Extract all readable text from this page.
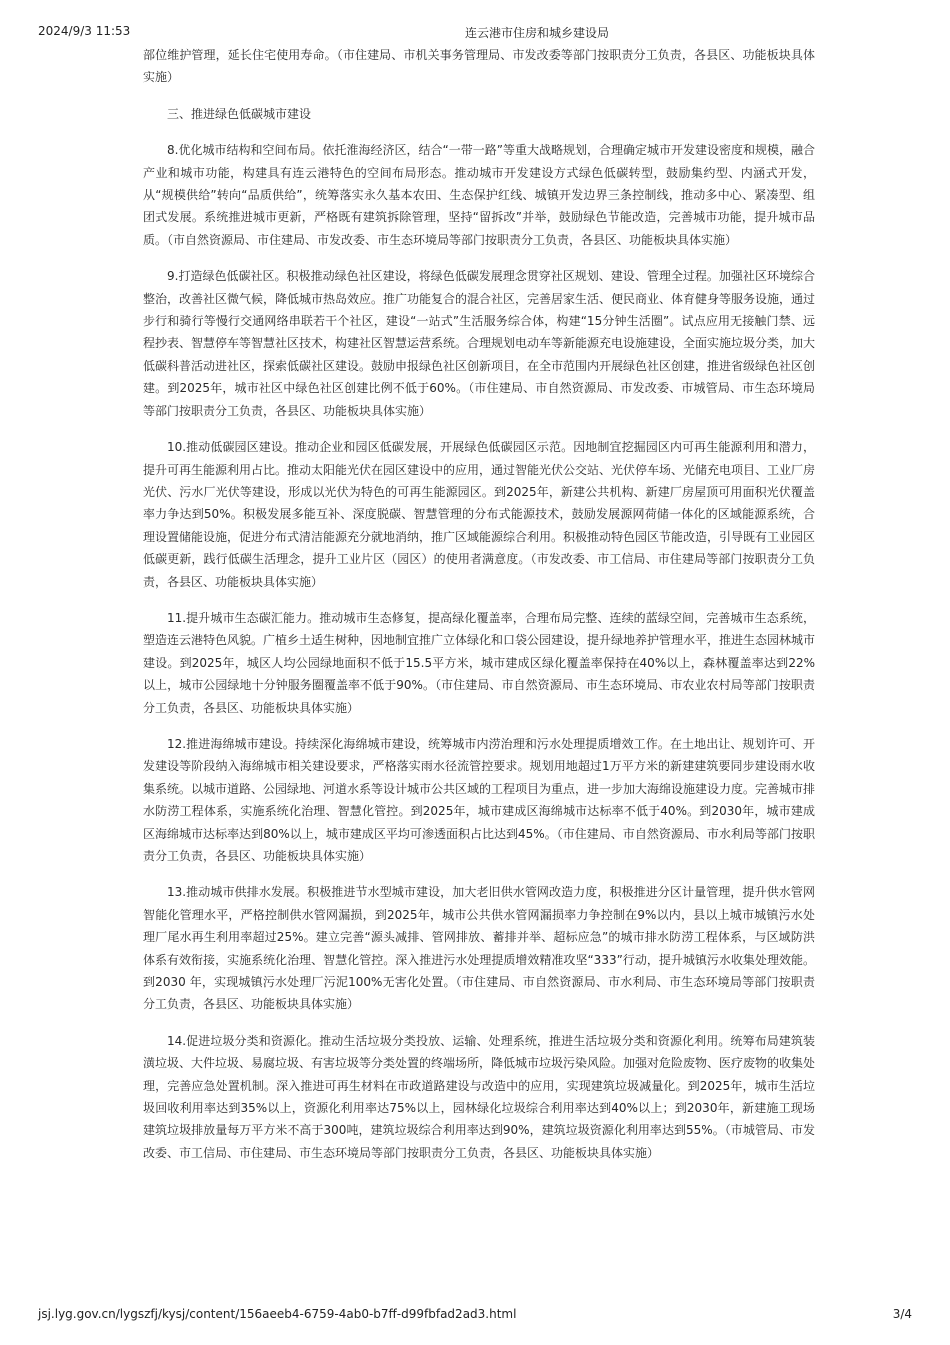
2024/9/3 11:53	连云港市住房和城乡建设局

部位维护管理，延长住宅使用寿命。（市住建局、市机关事务管理局、市发改委等部门按职责分工负责，各县区、功能板块具体实施）

三、推进绿色低碳城市建设

8.优化城市结构和空间布局。依托淮海经济区，结合“一带一路”等重大战略规划，合理确定城市开发建设密度和规模，融合产业和城市功能，构建具有连云港特色的空间布局形态。推动城市开发建设方式绿色低碳转型，鼓励集约型、内涵式开发，从“规模供给”转向“品质供给”，统筹落实永久基本农田、生态保护红线、城镇开发边界三条控制线，推动多中心、紧凑型、组团式发展。系统推进城市更新，严格既有建筑拆除管理，坚持“留拆改”并举，鼓励绿色节能改造，完善城市功能，提升城市品质。（市自然资源局、市住建局、市发改委、市生态环境局等部门按职责分工负责，各县区、功能板块具体实施）

9.打造绿色低碳社区。积极推动绿色社区建设，将绿色低碳发展理念贯穿社区规划、建设、管理全过程。加强社区环境综合整治，改善社区微气候，降低城市热岛效应。推广功能复合的混合社区，完善居家生活、便民商业、体育健身等服务设施，通过步行和骑行等慢行交通网络串联若干个社区，建设“一站式”生活服务综合体，构建“15分钟生活圈”。试点应用无接触门禁、远程抄表、智慧停车等智慧社区技术，构建社区智慧运营系统。合理规划电动车等新能源充电设施建设，全面实施垃圾分类，加大低碳科普活动进社区，探索低碳社区建设。鼓励申报绿色社区创新项目，在全市范围内开展绿色社区创建，推进省级绿色社区创建。到2025年，城市社区中绿色社区创建比例不低于60%。（市住建局、市自然资源局、市发改委、市城管局、市生态环境局等部门按职责分工负责，各县区、功能板块具体实施）

10.推动低碳园区建设。推动企业和园区低碳发展，开展绿色低碳园区示范。因地制宜挖掘园区内可再生能源利用和潜力，提升可再生能源利用占比。推动太阳能光伏在园区建设中的应用，通过智能光伏公交站、光伏停车场、光储充电项目、工业厂房光伏、污水厂光伏等建设，形成以光伏为特色的可再生能源园区。到2025年，新建公共机构、新建厂房屋顶可用面积光伏覆盖率力争达到50%。积极发展多能互补、深度脱碳、智慧管理的分布式能源技术，鼓励发展源网荷储一体化的区域能源系统，合理设置储能设施，促进分布式清洁能源充分就地消纳，推广区域能源综合利用。积极推动特色园区节能改造，引导既有工业园区低碳更新，践行低碳生活理念，提升工业片区（园区）的使用者满意度。（市发改委、市工信局、市住建局等部门按职责分工负责，各县区、功能板块具体实施）

11.提升城市生态碳汇能力。推动城市生态修复，提高绿化覆盖率，合理布局完整、连续的蓝绿空间，完善城市生态系统，塑造连云港特色风貌。广植乡土适生树种，因地制宜推广立体绿化和口袋公园建设，提升绿地养护管理水平，推进生态园林城市建设。到2025年，城区人均公园绿地面积不低于15.5平方米，城市建成区绿化覆盖率保持在40%以上，森林覆盖率达到22%以上，城市公园绿地十分钟服务圈覆盖率不低于90%。（市住建局、市自然资源局、市生态环境局、市农业农村局等部门按职责分工负责，各县区、功能板块具体实施）

12.推进海绵城市建设。持续深化海绵城市建设，统筹城市内涝治理和污水处理提质增效工作。在土地出让、规划许可、开发建设等阶段纳入海绵城市相关建设要求，严格落实雨水径流管控要求。规划用地超过1万平方米的新建建筑要同步建设雨水收集系统。以城市道路、公园绿地、河道水系等设计城市公共区域的工程项目为重点，进一步加大海绵设施建设力度。完善城市排水防涝工程体系，实施系统化治理、智慧化管控。到2025年，城市建成区海绵城市达标率不低于40%。到2030年，城市建成区海绵城市达标率达到80%以上，城市建成区平均可渗透面积占比达到45%。（市住建局、市自然资源局、市水利局等部门按职责分工负责，各县区、功能板块具体实施）

13.推动城市供排水发展。积极推进节水型城市建设，加大老旧供水管网改造力度，积极推进分区计量管理，提升供水管网智能化管理水平，严格控制供水管网漏损，到2025年，城市公共供水管网漏损率力争控制在9%以内，县以上城市城镇污水处理厂尾水再生利用率超过25%。建立完善“源头减排、管网排放、蓄排并举、超标应急”的城市排水防涝工程体系，与区域防洪体系有效衔接，实施系统化治理、智慧化管控。深入推进污水处理提质增效精准攻坚“333”行动，提升城镇污水收集处理效能。到2030 年，实现城镇污水处理厂污泥100%无害化处置。（市住建局、市自然资源局、市水利局、市生态环境局等部门按职责分工负责，各县区、功能板块具体实施）

14.促进垃圾分类和资源化。推动生活垃圾分类投放、运输、处理系统，推进生活垃圾分类和资源化利用。统筹布局建筑装潢垃圾、大件垃圾、易腐垃圾、有害垃圾等分类处置的终端场所，降低城市垃圾污染风险。加强对危险废物、医疗废物的收集处理，完善应急处置机制。深入推进可再生材料在市政道路建设与改造中的应用，实现建筑垃圾减量化。到2025年，城市生活垃圾回收利用率达到35%以上，资源化利用率达75%以上，园林绿化垃圾综合利用率达到40%以上；到2030年，新建施工现场建筑垃圾排放量每万平方米不高于300吨，建筑垃圾综合利用率达到90%，建筑垃圾资源化利用率达到55%。（市城管局、市发改委、市工信局、市住建局、市生态环境局等部门按职责分工负责，各县区、功能板块具体实施）

jsj.lyg.gov.cn/lygszfj/kysj/content/156aeeb4-6759-4ab0-b7ff-d99fbfad2ad3.html	3/4
